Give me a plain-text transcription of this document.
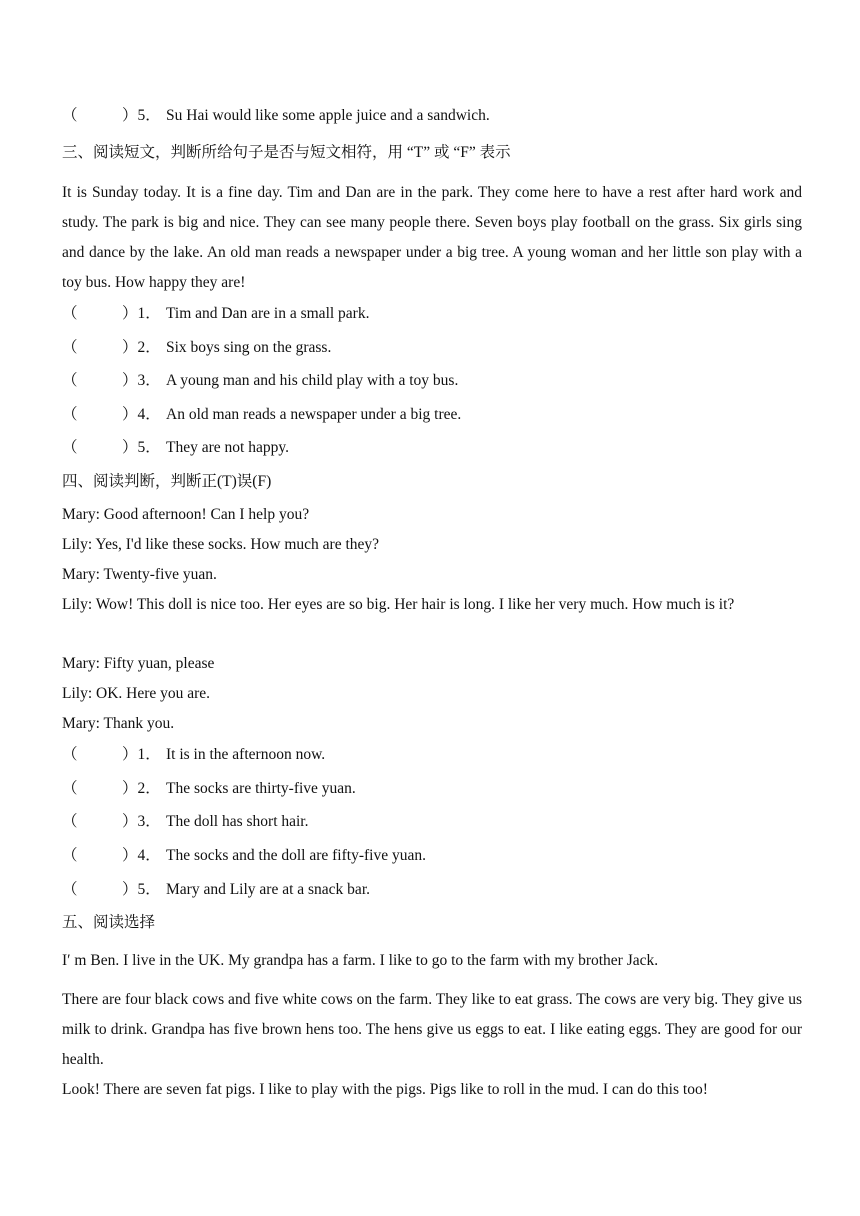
（	）5． Su Hai would like some apple juice and a sandwich.
三、阅读短文，判断所给句子是否与短文相符，用 “T” 或 “F” 表示
It is Sunday today. It is a fine day. Tim and Dan are in the park. They come here to have a rest after hard work and study. The park is big and nice. They can see many people there. Seven boys play football on the grass. Six girls sing and dance by the lake. An old man reads a newspaper under a big tree. A young woman and her little son play with a toy bus. How happy they are!
（	）1． Tim and Dan are in a small park.
（	）2． Six boys sing on the grass.
（	）3． A young man and his child play with a toy bus.
（	）4． An old man reads a newspaper under a big tree.
（	）5． They are not happy.
四、阅读判断，判断正(T)误(F)
Mary: Good afternoon! Can I help you?
Lily: Yes, I'd like these socks. How much are they?
Mary: Twenty-five yuan.
Lily: Wow! This doll is nice too. Her eyes are so big. Her hair is long. I like her very much. How much is it?
Mary: Fifty yuan, please
Lily: OK. Here you are.
Mary: Thank you.
（	）1． It is in the afternoon now.
（	）2． The socks are thirty-five yuan.
（	）3． The doll has short hair.
（	）4． The socks and the doll are fifty-five yuan.
（	）5． Mary and Lily are at a snack bar.
五、阅读选择
I′ m Ben. I live in the UK. My grandpa has a farm. I like to go to the farm with my brother Jack.
There are four black cows and five white cows on the farm. They like to eat grass. The cows are very big. They give us milk to drink. Grandpa has five brown hens too. The hens give us eggs to eat. I like eating eggs. They are good for our health.
Look! There are seven fat pigs. I like to play with the pigs. Pigs like to roll in the mud. I can do this too!
